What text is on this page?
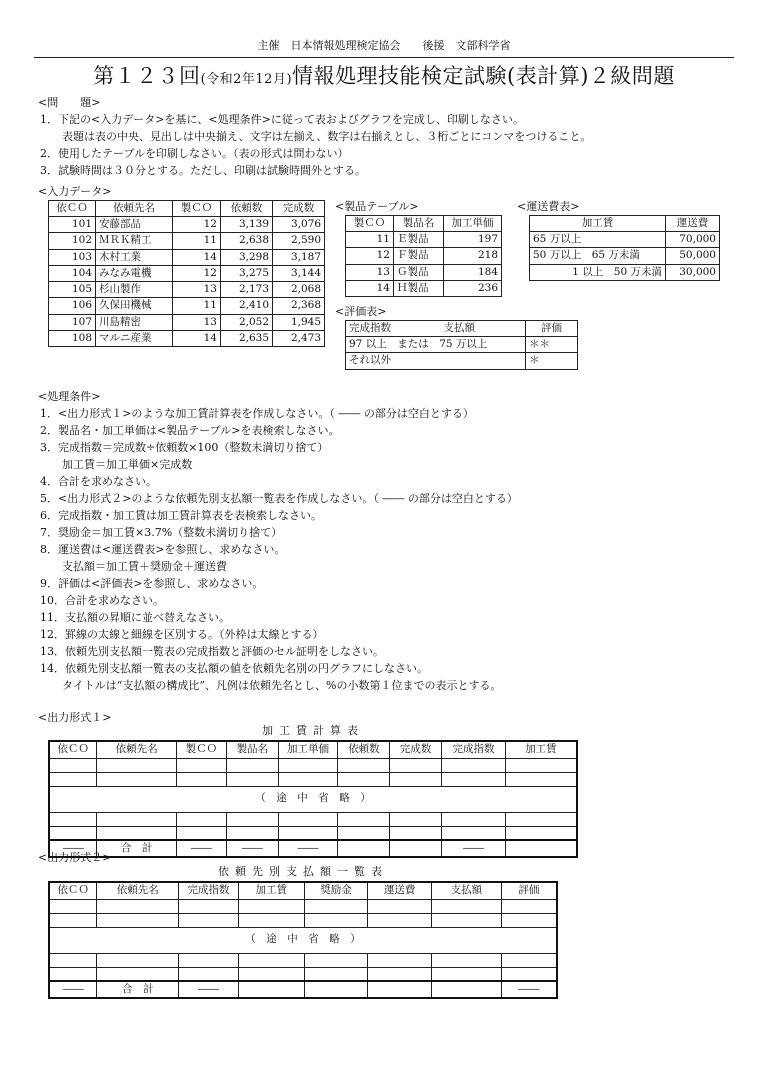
主催　日本情報処理検定協会　　後援　文部科学省
第１２３回(令和2年12月)情報処理技能検定試験(表計算)２級問題
<問　　題>
1．下記の<入力データ>を基に、<処理条件>に従って表およびグラフを完成し、印刷しなさい。
　　表題は表の中央、見出しは中央揃え、文字は左揃え、数字は右揃えとし、３桁ごとにコンマをつけること。
2．使用したテーブルを印刷しなさい。（表の形式は問わない）
3．試験時間は３０分とする。ただし、印刷は試験時間外とする。
<入力データ>
依ＣＯ	依頼先名	製ＣＯ	依頼数	完成数
101	安藤部品	12	3,139	3,076
102	ＭＲＫ精工	11	2,638	2,590
103	木村工業	14	3,298	3,187
104	みなみ電機	12	3,275	3,144
105	杉山製作	13	2,173	2,068
106	久保田機械	11	2,410	2,368
107	川島精密	13	2,052	1,945
108	マルニ産業	14	2,635	2,473
<製品テーブル>
製ＣＯ	製品名	加工単価
11	Ｅ製品	197
12	Ｆ製品	218
13	Ｇ製品	184
14	Ｈ製品	236
<運送費表>
加工賃	運送費
65 万以上	70,000
50 万以上　65 万未満	50,000
1 以上　50 万未満	30,000
<評価表>
完成指数　　　　　支払額	評価
97 以上　または　75 万以上	＊＊
それ以外	＊
<処理条件>
1．<出力形式１>のような加工賃計算表を作成しなさい。（ ―― の部分は空白とする）
2．製品名・加工単価は<製品テーブル>を表検索しなさい。
3．完成指数＝完成数÷依頼数×100（整数未満切り捨て）
　　加工賃＝加工単価×完成数
4．合計を求めなさい。
5．<出力形式２>のような依頼先別支払額一覧表を作成しなさい。（ ―― の部分は空白とする）
6．完成指数・加工賃は加工賃計算表を表検索しなさい。
7．奨励金＝加工賃×3.7%（整数未満切り捨て）
8．運送費は<運送費表>を参照し、求めなさい。
　　支払額＝加工賃＋奨励金＋運送費
9．評価は<評価表>を参照し、求めなさい。
10．合計を求めなさい。
11．支払額の昇順に並べ替えなさい。
12．罫線の太線と細線を区別する。（外枠は太線とする）
13．依頼先別支払額一覧表の完成指数と評価のセル証明をしなさい。
14．依頼先別支払額一覧表の支払額の値を依頼先名別の円グラフにしなさい。
　　タイトルは“支払額の構成比”、凡例は依頼先名とし、%の小数第１位までの表示とする。
<出力形式１>
加工賃計算表
依ＣＯ	依頼先名	製ＣＯ	製品名	加工単価	依頼数	完成数	完成指数	加工賃

（　途　中　省　略　）								

――	合　計	――	――	――			――	
<出力形式２>
依頼先別支払額一覧表
依ＣＯ	依頼先名	完成指数	加工賃	奨励金	運送費	支払額	評価

（　途　中　省　略　）							

――	合　計	――					――
